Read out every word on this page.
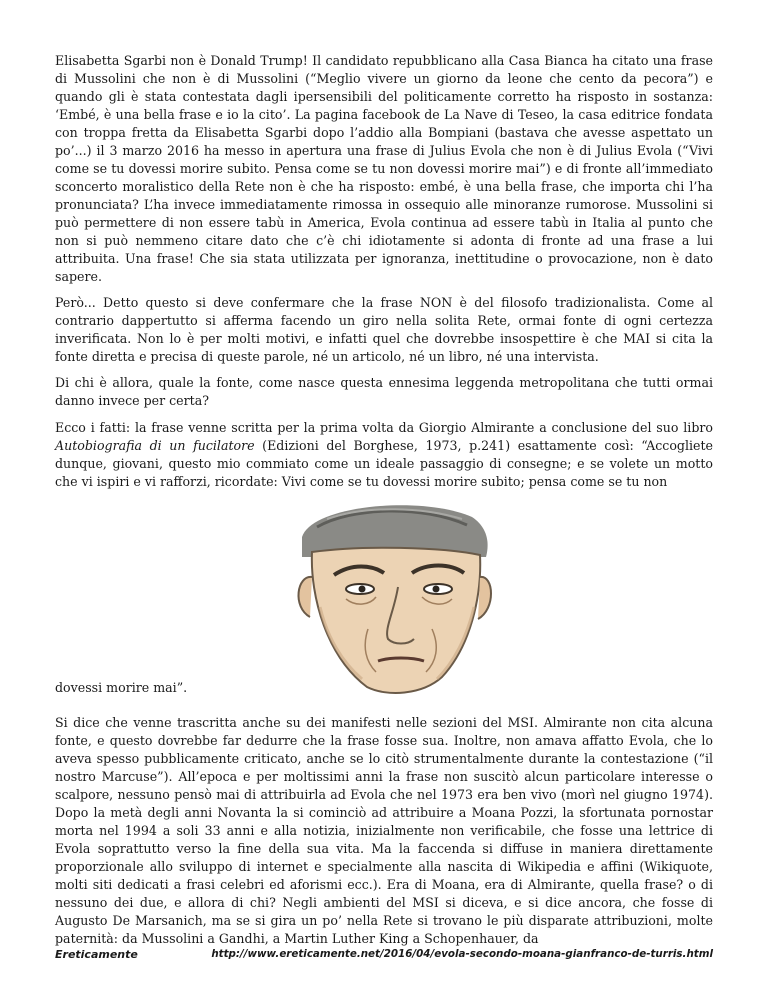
Elisabetta Sgarbi non è Donald Trump! Il candidato repubblicano alla Casa Bianca ha citato una frase di Mussolini che non è di Mussolini (“Meglio vivere un giorno da leone che cento da pecora”) e quando gli è stata contestata dagli ipersensibili del politicamente corretto ha risposto in sostanza: ‘Embé, è una bella frase e io la cito’. La pagina facebook de La Nave di Teseo, la casa editrice fondata con troppa fretta da Elisabetta Sgarbi dopo l’addio alla Bompiani (bastava che avesse aspettato un po’...) il 3 marzo 2016 ha messo in apertura una frase di Julius Evola che non è di Julius Evola (“Vivi come se tu dovessi morire subito. Pensa come se tu non dovessi morire mai”) e di fronte all’immediato sconcerto moralistico della Rete non è che ha risposto: embé, è una bella frase, che importa chi l’ha pronunciata? L’ha invece immediatamente rimossa in ossequio alle minoranze rumorose. Mussolini si può permettere di non essere tabù in America, Evola continua ad essere tabù in Italia al punto che non si può nemmeno citare dato che c’è chi idiotamente si adonta di fronte ad una frase a lui attribuita. Una frase! Che sia stata utilizzata per ignoranza, inettitudine o provocazione, non è dato sapere.

Però... Detto questo si deve confermare che la frase NON è del filosofo tradizionalista. Come al contrario dappertutto si afferma facendo un giro nella solita Rete, ormai fonte di ogni certezza inverificata. Non lo è per molti motivi, e infatti quel che dovrebbe insospettire è che MAI si cita la fonte diretta e precisa di queste parole, né un articolo, né un libro, né una intervista.

Di chi è allora, quale la fonte, come nasce questa ennesima leggenda metropolitana che tutti ormai danno invece per certa?

Ecco i fatti: la frase venne scritta per la prima volta da Giorgio Almirante a conclusione del suo libro Autobiografia di un fucilatore (Edizioni del Borghese, 1973, p.241) esattamente così: “Accogliete dunque, giovani, questo mio commiato come un ideale passaggio di consegne; e se volete un motto che vi ispiri e vi rafforzi, ricordate: Vivi come se tu dovessi morire subito; pensa come se tu non

dovessi morire mai”.

Si dice che venne trascritta anche su dei manifesti nelle sezioni del MSI. Almirante non cita alcuna fonte, e questo dovrebbe far dedurre che la frase fosse sua. Inoltre, non amava affatto Evola, che lo aveva spesso pubblicamente criticato, anche se lo citò strumentalmente durante la contestazione (“il nostro Marcuse”). All’epoca e per moltissimi anni la frase non suscitò alcun particolare interesse o scalpore, nessuno pensò mai di attribuirla ad Evola che nel 1973 era ben vivo (morì nel giugno 1974). Dopo la metà degli anni Novanta la si cominciò ad attribuire a Moana Pozzi, la sfortunata pornostar morta nel 1994 a soli 33 anni e alla notizia, inizialmente non verificabile, che fosse una lettrice di Evola soprattutto verso la fine della sua vita. Ma la faccenda si diffuse in maniera direttamente proporzionale allo sviluppo di internet e specialmente alla nascita di Wikipedia e affini (Wikiquote, molti siti dedicati a frasi celebri ed aforismi ecc.). Era di Moana, era di Almirante, quella frase? o di nessuno dei due, e allora di chi? Negli ambienti del MSI si diceva, e si dice ancora, che fosse di Augusto De Marsanich, ma se si gira un po’ nella Rete si trovano le più disparate attribuzioni, molte paternità: da Mussolini a Gandhi, a Martin Luther King a Schopenhauer, da

Ereticamente	http://www.ereticamente.net/2016/04/evola-secondo-moana-gianfranco-de-turris.html
